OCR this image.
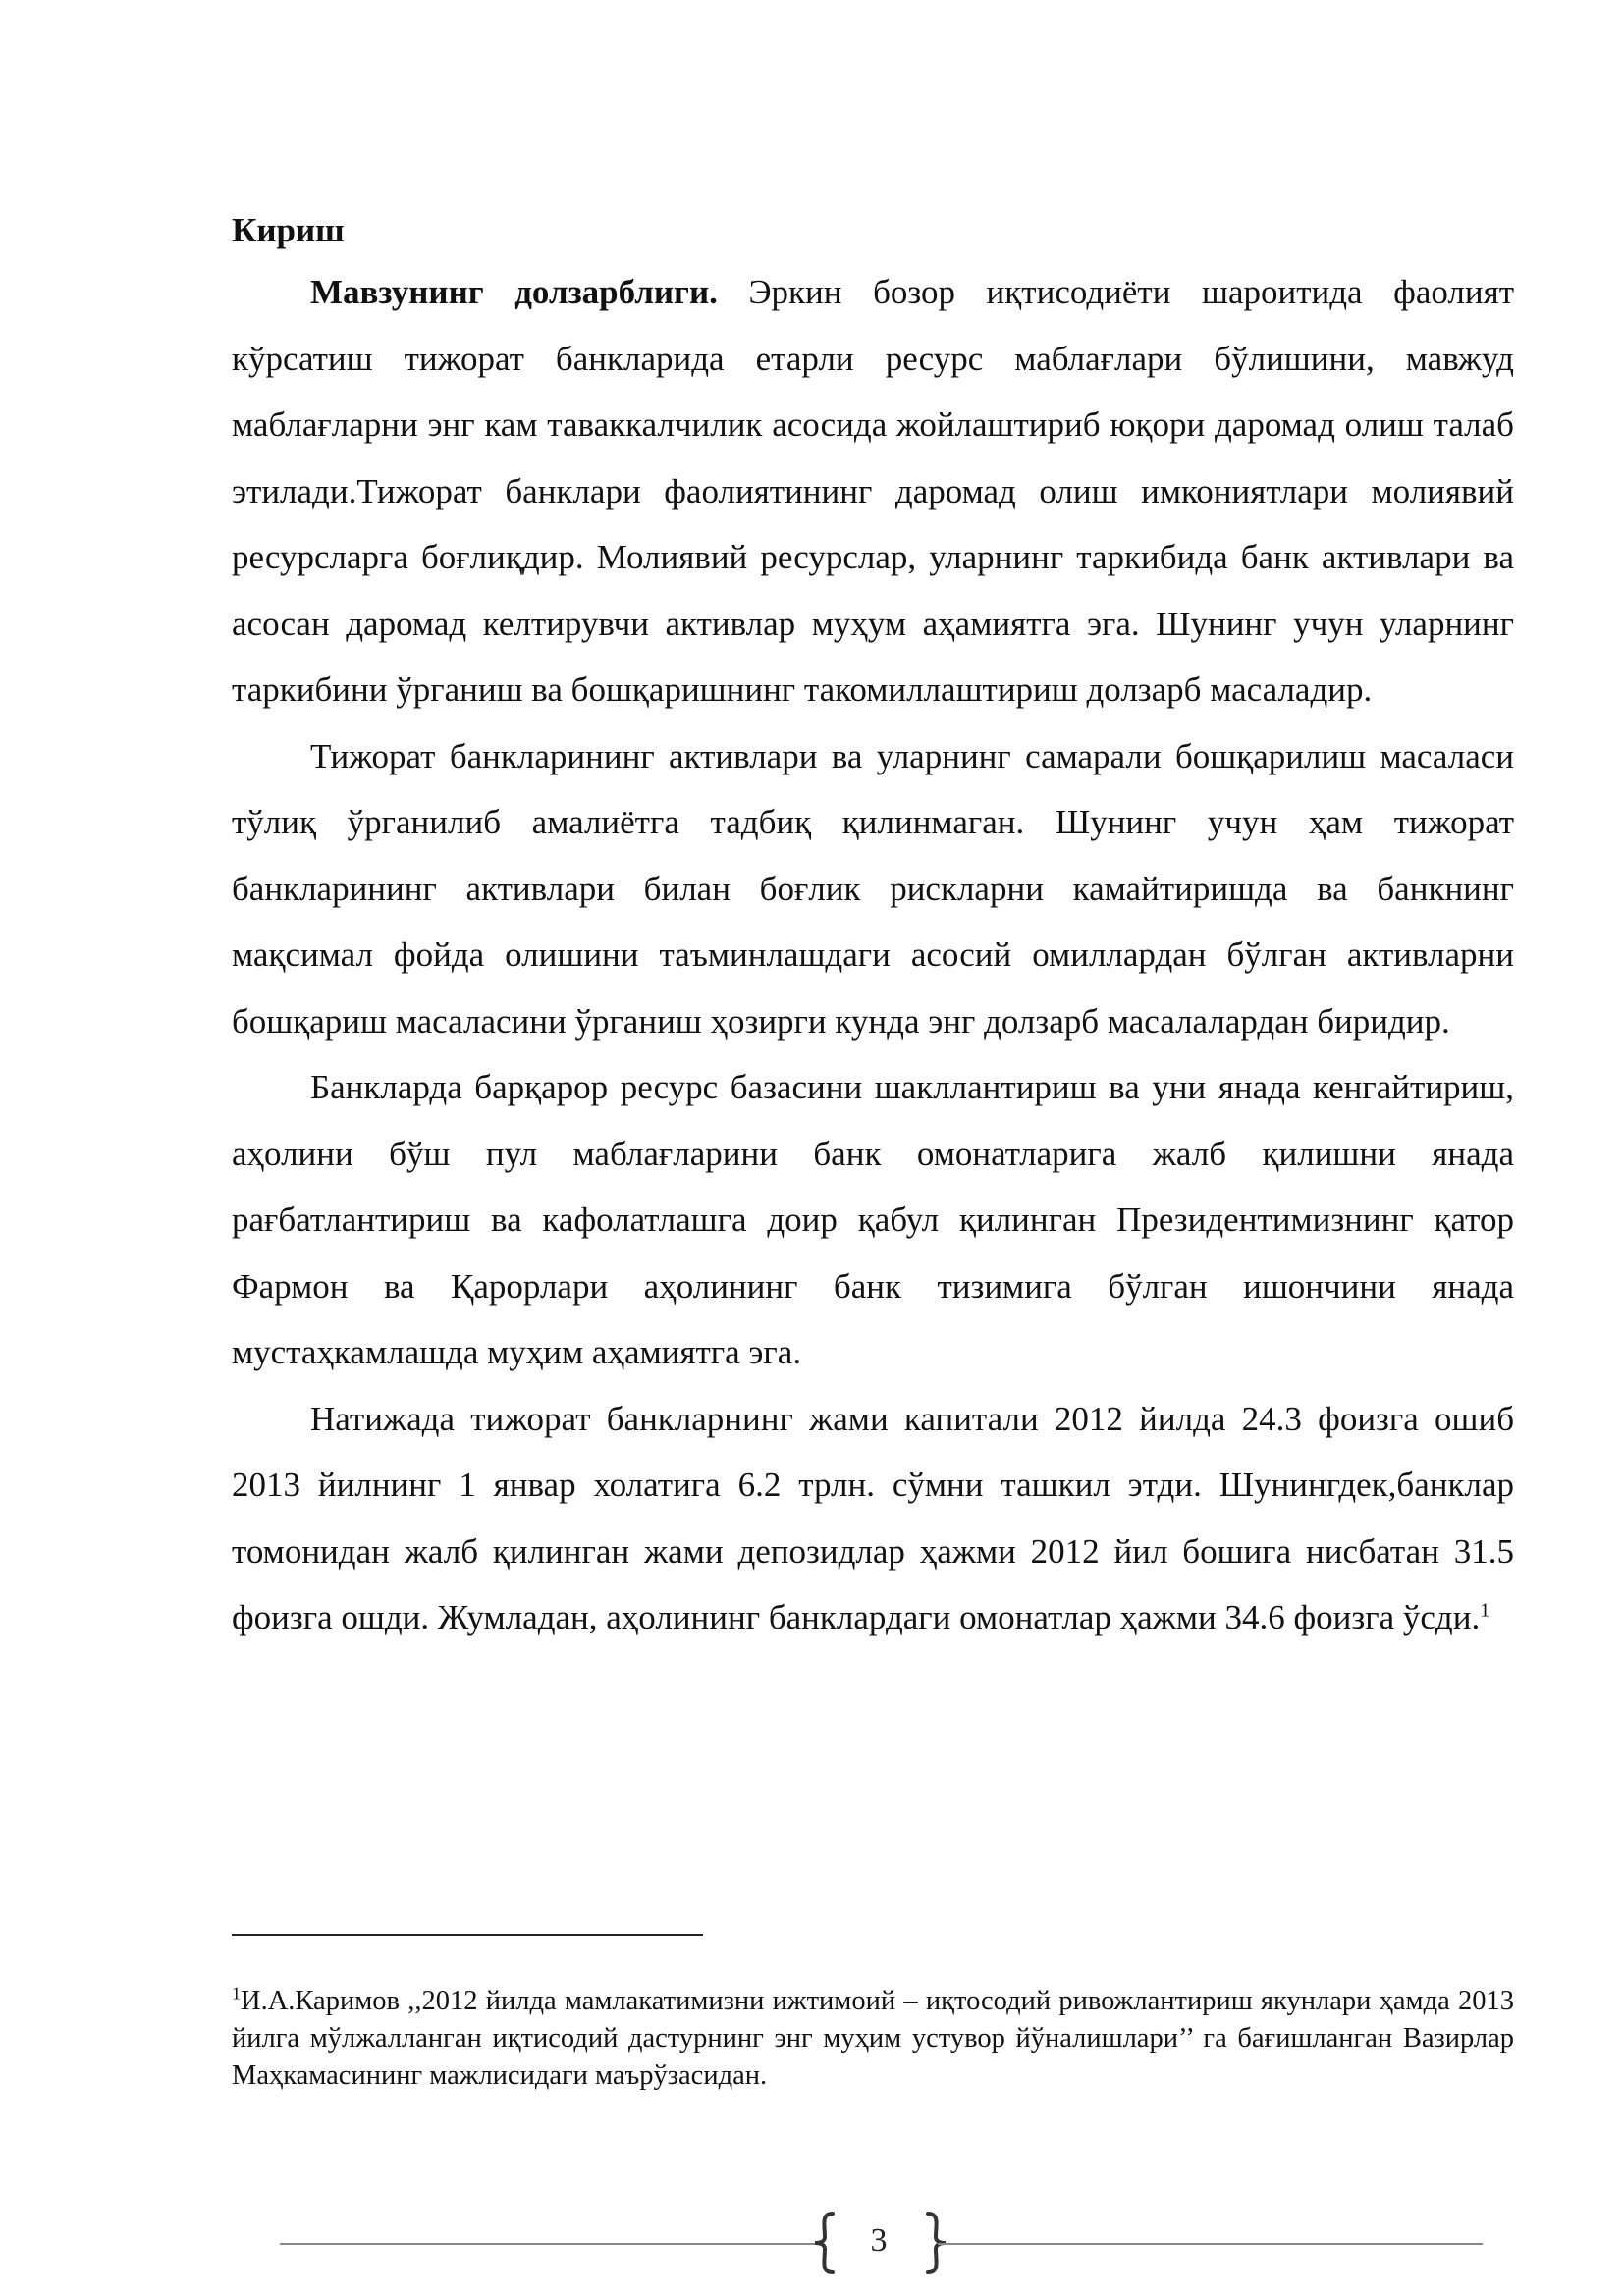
Кириш

Мавзунинг долзарблиги. Эркин бозор иқтисодиёти шароитида фаолият кўрсатиш тижорат банкларида етарли ресурс маблағлари бўлишини, мавжуд маблағларни энг кам таваккалчилик асосида жойлаштириб юқори даромад олиш талаб этилади.Тижорат банклари фаолиятининг даромад олиш имкониятлари молиявий ресурсларга боғлиқдир. Молиявий ресурслар, уларнинг таркибида банк активлари ва асосан даромад келтирувчи активлар муҳум аҳамиятга эга. Шунинг учун уларнинг таркибини ўрганиш ва бошқаришнинг такомиллаштириш долзарб масаладир.

Тижорат банкларининг активлари ва уларнинг самарали бошқарилиш масаласи тўлиқ ўрганилиб амалиётга тадбиқ қилинмаган. Шунинг учун ҳам тижорат банкларининг активлари билан боғлик рискларни камайтиришда ва банкнинг мақсимал фойда олишини таъминлашдаги асосий омиллардан бўлган активларни бошқариш масаласини ўрганиш ҳозирги кунда энг долзарб масалалардан биридир.

Банкларда барқарор ресурс базасини шакллантириш ва уни янада кенгайтириш, аҳолини бўш пул маблағларини банк омонатларига жалб қилишни янада рағбатлантириш ва кафолатлашга доир қабул қилинган Президентимизнинг қатор Фармон ва Қарорлари аҳолининг банк тизимига бўлган ишончини янада мустаҳкамлашда муҳим аҳамиятга эга.

Натижада тижорат банкларнинг жами капитали 2012 йилда 24.3 фоизга ошиб 2013 йилнинг 1 январ холатига 6.2 трлн. сўмни ташкил этди. Шунингдек,банклар томонидан жалб қилинган жами депозидлар ҳажми 2012 йил бошига нисбатан 31.5 фоизга ошди. Жумладан, аҳолининг банклардаги омонатлар ҳажми 34.6 фоизга ўсди.$^1$

$^1$И.А.Каримов ,,2012 йилда мамлакатимизни ижтимоий – иқтосодий ривожлантириш якунлари ҳамда 2013 йилга мўлжалланган иқтисодий дастурнинг энг муҳим устувор йўналишлари’’ га бағишланган Вазирлар Маҳкамасининг мажлисидаги маърўзасидан.
3
